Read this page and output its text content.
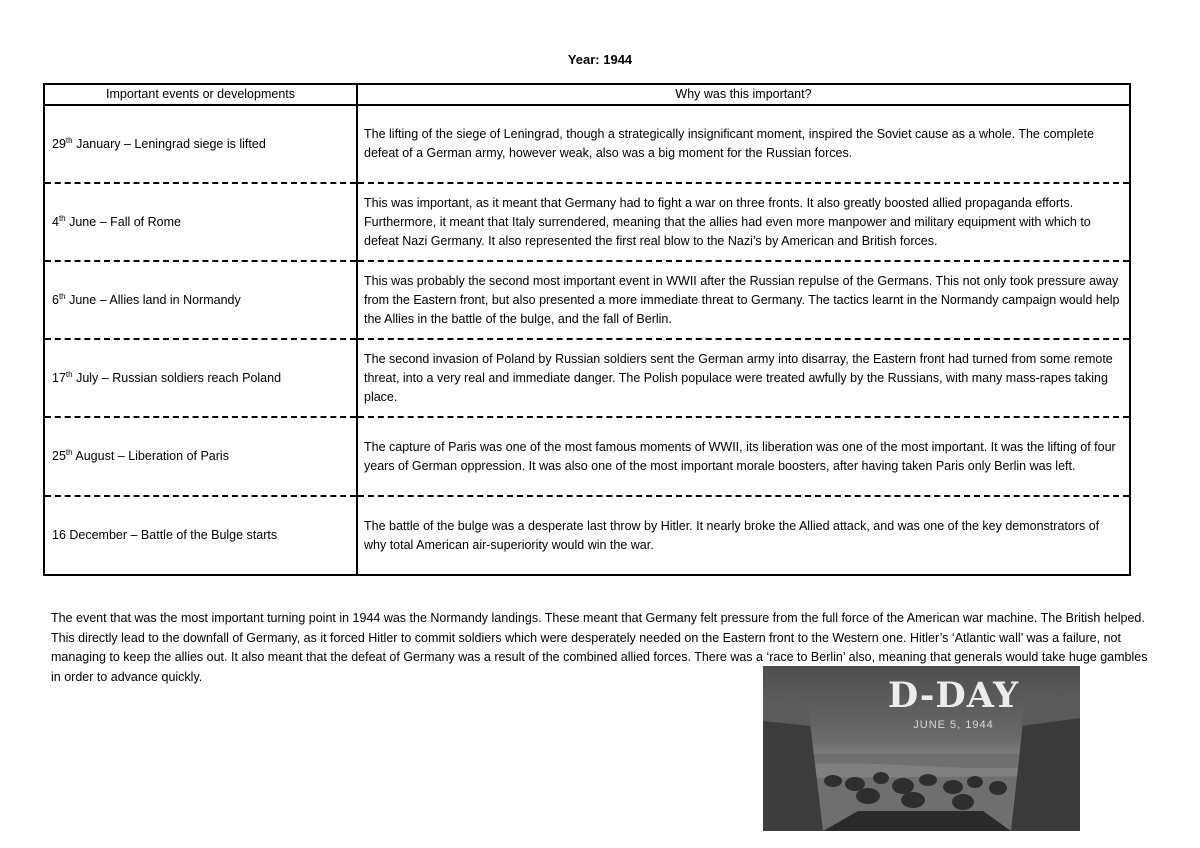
Year: 1944
Important events or developments	Why was this important?
29th January – Leningrad siege is lifted	The lifting of the siege of Leningrad, though a strategically insignificant moment, inspired the Soviet cause as a whole. The complete defeat of a German army, however weak, also was a big moment for the Russian forces.
4th June – Fall of Rome	This was important, as it meant that Germany had to fight a war on three fronts. It also greatly boosted allied propaganda efforts. Furthermore, it meant that Italy surrendered, meaning that the allies had even more manpower and military equipment with which to defeat Nazi Germany. It also represented the first real blow to the Nazi’s by American and British forces.
6th June – Allies land in Normandy	This was probably the second most important event in WWII after the Russian repulse of the Germans. This not only took pressure away from the Eastern front, but also presented a more immediate threat to Germany. The tactics learnt in the Normandy campaign would help the Allies in the battle of the bulge, and the fall of Berlin.
17th July – Russian soldiers reach Poland	The second invasion of Poland by Russian soldiers sent the German army into disarray, the Eastern front had turned from some remote threat, into a very real and immediate danger. The Polish populace were treated awfully by the Russians, with many mass-rapes taking place.
25th August – Liberation of Paris	The capture of Paris was one of the most famous moments of WWII, its liberation was one of the most important. It was the lifting of four years of German oppression. It was also one of the most important morale boosters, after having taken Paris only Berlin was left.
16 December – Battle of the Bulge starts	The battle of the bulge was a desperate last throw by Hitler. It nearly broke the Allied attack, and was one of the key demonstrators of why total American air-superiority would win the war.

The event that was the most important turning point in 1944 was the Normandy landings. These meant that Germany felt pressure from the full force of the American war machine. The British helped. This directly lead to the downfall of Germany, as it forced Hitler to commit soldiers which were desperately needed on the Eastern front to the Western one. Hitler’s ‘Atlantic wall’ was a failure, not managing to keep the allies out. It also meant that the defeat of Germany was a result of the combined allied forces. There was a ‘race to Berlin’ also, meaning that generals would take huge gambles in order to advance quickly.	D-DAY
JUNE 5, 1944
